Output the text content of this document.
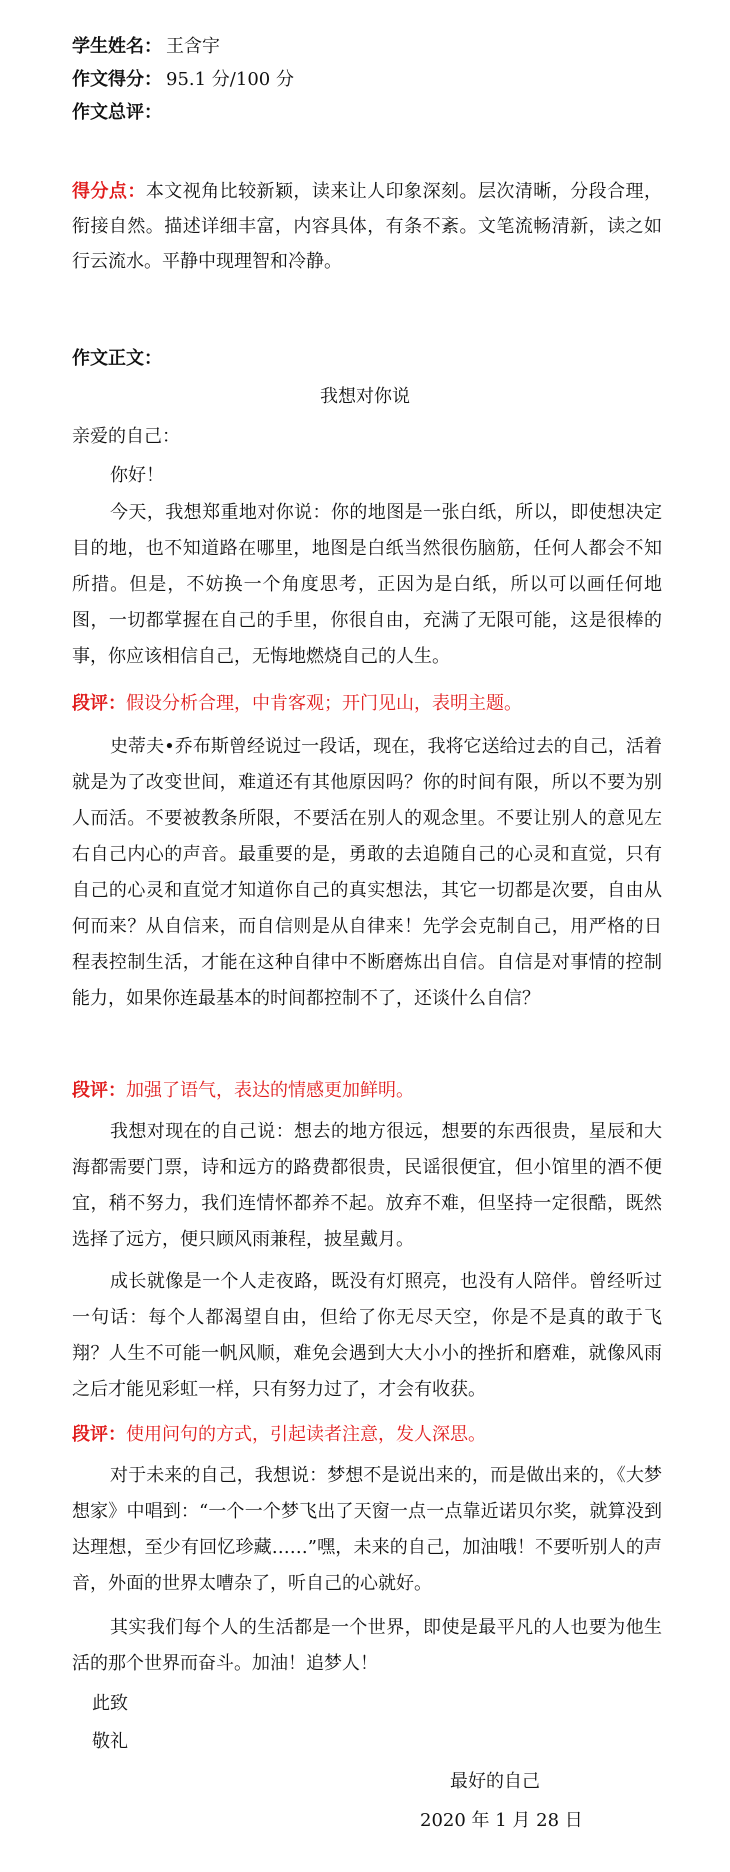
学生姓名： 王含宇
作文得分： 95.1 分/100 分
作文总评：
得分点：本文视角比较新颖，读来让人印象深刻。层次清晰，分段合理，衔接自然。描述详细丰富，内容具体，有条不紊。文笔流畅清新，读之如行云流水。平静中现理智和冷静。
作文正文：
我想对你说
亲爱的自己：
你好！

今天，我想郑重地对你说：你的地图是一张白纸，所以，即使想决定目的地，也不知道路在哪里，地图是白纸当然很伤脑筋，任何人都会不知所措。但是，不妨换一个角度思考，正因为是白纸，所以可以画任何地图，一切都掌握在自己的手里，你很自由，充满了无限可能，这是很棒的事，你应该相信自己，无悔地燃烧自己的人生。

段评：假设分析合理，中肯客观；开门见山，表明主题。

史蒂夫•乔布斯曾经说过一段话，现在，我将它送给过去的自己，活着就是为了改变世间，难道还有其他原因吗？你的时间有限，所以不要为别人而活。不要被教条所限，不要活在别人的观念里。不要让别人的意见左右自己内心的声音。最重要的是，勇敢的去追随自己的心灵和直觉，只有自己的心灵和直觉才知道你自己的真实想法，其它一切都是次要，自由从何而来？从自信来，而自信则是从自律来！先学会克制自己，用严格的日程表控制生活，才能在这种自律中不断磨炼出自信。自信是对事情的控制能力，如果你连最基本的时间都控制不了，还谈什么自信？

段评：加强了语气，表达的情感更加鲜明。

我想对现在的自己说：想去的地方很远，想要的东西很贵，星辰和大海都需要门票，诗和远方的路费都很贵，民谣很便宜，但小馆里的酒不便宜，稍不努力，我们连情怀都养不起。放弃不难，但坚持一定很酷，既然选择了远方，便只顾风雨兼程，披星戴月。

成长就像是一个人走夜路，既没有灯照亮，也没有人陪伴。曾经听过一句话：每个人都渴望自由，但给了你无尽天空，你是不是真的敢于飞翔？人生不可能一帆风顺，难免会遇到大大小小的挫折和磨难，就像风雨之后才能见彩虹一样，只有努力过了，才会有收获。

段评：使用问句的方式，引起读者注意，发人深思。

对于未来的自己，我想说：梦想不是说出来的，而是做出来的，《大梦想家》中唱到：“一个一个梦飞出了天窗一点一点靠近诺贝尔奖，就算没到达理想，至少有回忆珍藏……”嘿，未来的自己，加油哦！不要听别人的声音，外面的世界太嘈杂了，听自己的心就好。

其实我们每个人的生活都是一个世界，即使是最平凡的人也要为他生活的那个世界而奋斗。加油！追梦人！

此致
敬礼
最好的自己
2020 年 1 月 28 日
